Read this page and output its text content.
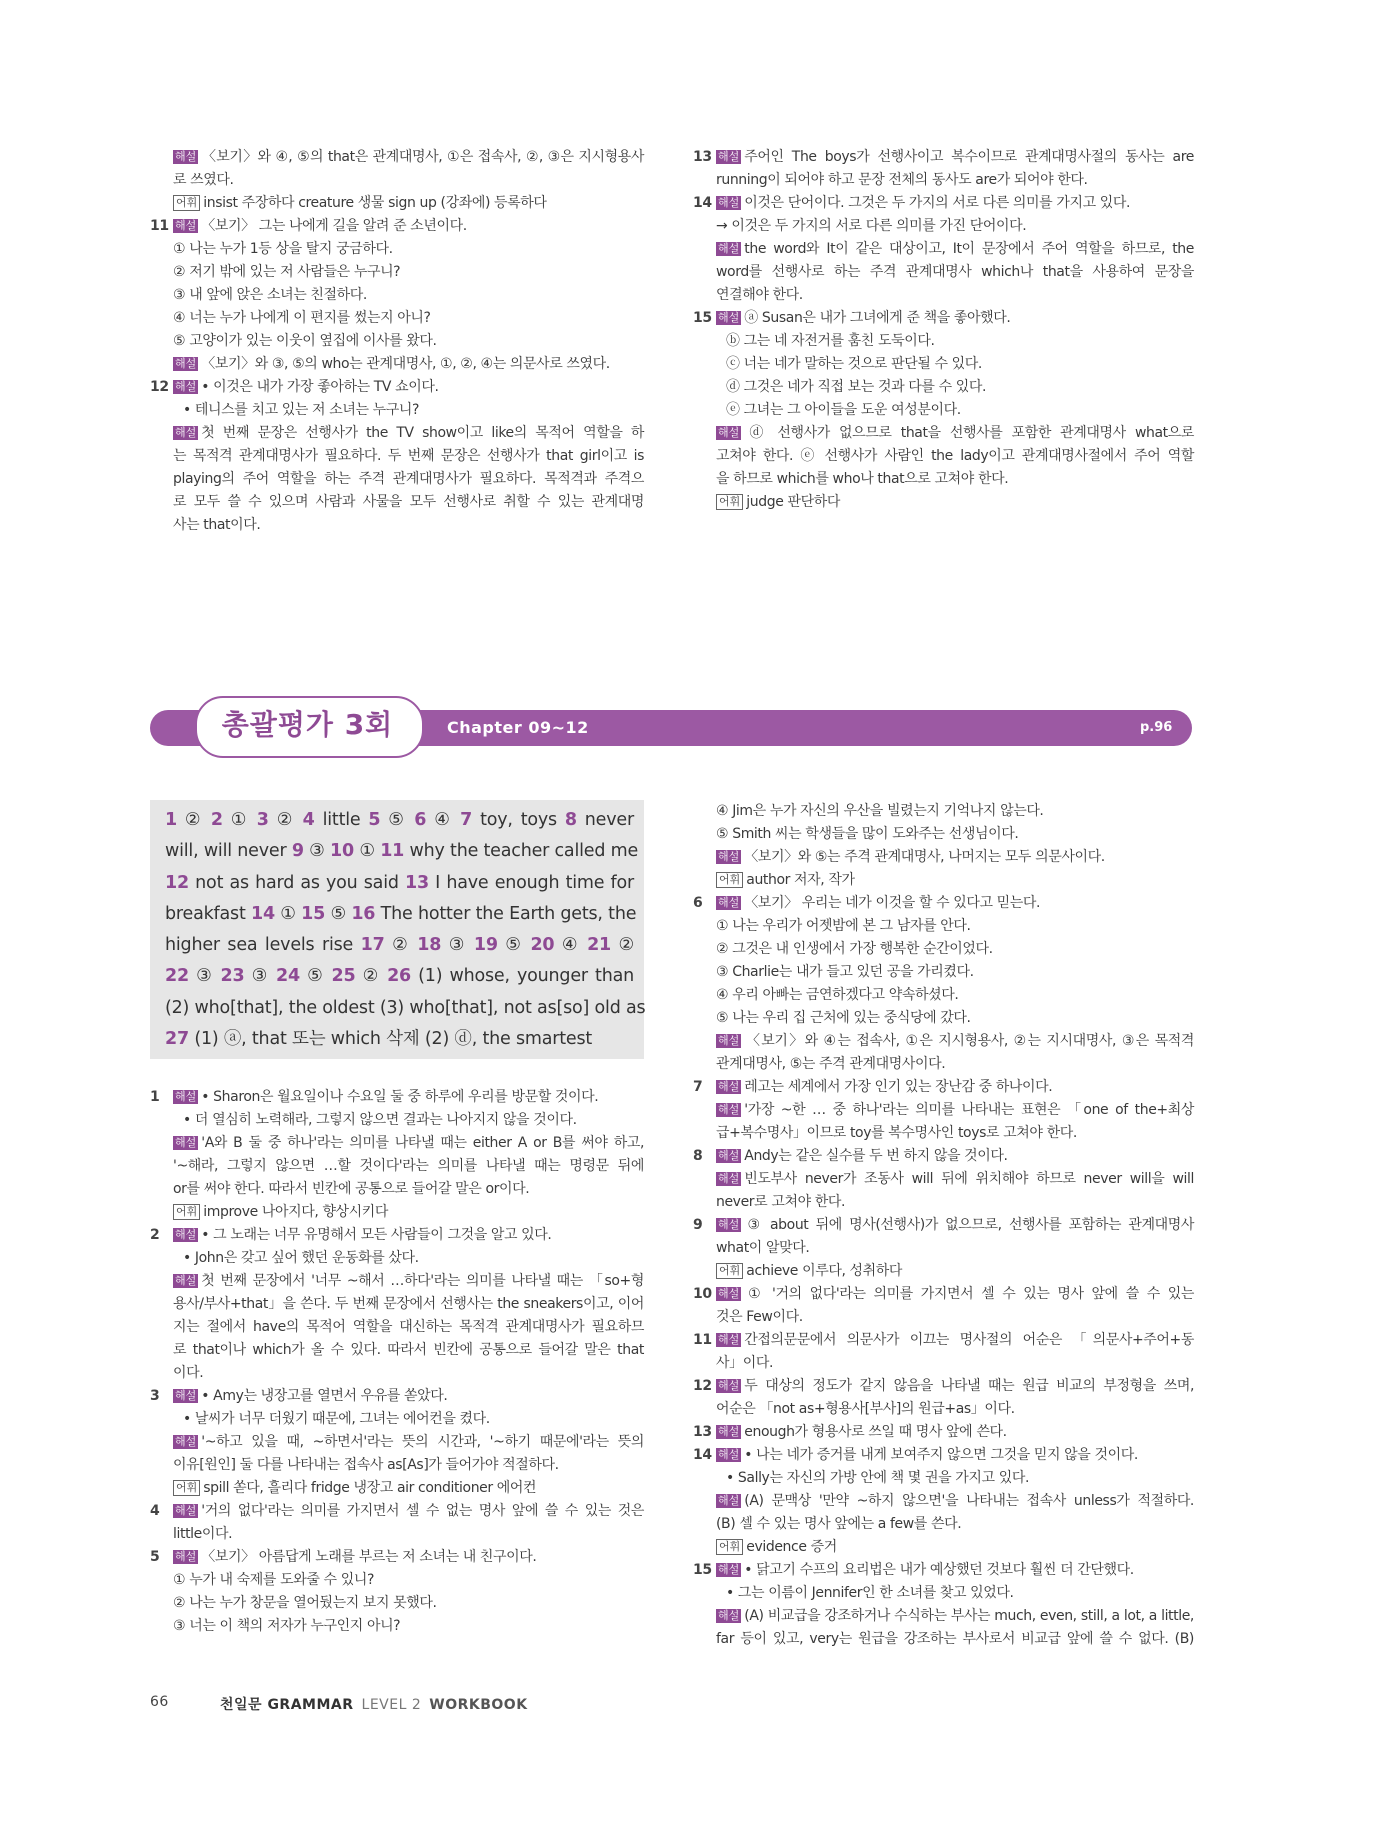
해설 〈보기〉와 ④, ⑤의 that은 관계대명사, ①은 접속사, ②, ③은 지시형용사
로 쓰였다.
어휘 insist 주장하다 creature 생물 sign up (강좌에) 등록하다
11 해설 〈보기〉 그는 나에게 길을 알려 준 소년이다.
① 나는 누가 1등 상을 탈지 궁금하다.
② 저기 밖에 있는 저 사람들은 누구니?
③ 내 앞에 앉은 소녀는 친절하다.
④ 너는 누가 나에게 이 편지를 썼는지 아니?
⑤ 고양이가 있는 이웃이 옆집에 이사를 왔다.
해설 〈보기〉와 ③, ⑤의 who는 관계대명사, ①, ②, ④는 의문사로 쓰였다.
12 해설 • 이것은 내가 가장 좋아하는 TV 쇼이다.
• 테니스를 치고 있는 저 소녀는 누구니?
해설 첫 번째 문장은 선행사가 the TV show이고 like의 목적어 역할을 하
는 목적격 관계대명사가 필요하다. 두 번째 문장은 선행사가 that girl이고 is
playing의 주어 역할을 하는 주격 관계대명사가 필요하다. 목적격과 주격으
로 모두 쓸 수 있으며 사람과 사물을 모두 선행사로 취할 수 있는 관계대명
사는 that이다.
13 해설 주어인 The boys가 선행사이고 복수이므로 관계대명사절의 동사는 are
running이 되어야 하고 문장 전체의 동사도 are가 되어야 한다.
14 해설 이것은 단어이다. 그것은 두 가지의 서로 다른 의미를 가지고 있다.
→ 이것은 두 가지의 서로 다른 의미를 가진 단어이다.
해설 the word와 It이 같은 대상이고, It이 문장에서 주어 역할을 하므로, the
word를 선행사로 하는 주격 관계대명사 which나 that을 사용하여 문장을
연결해야 한다.
15 해설 ⓐ Susan은 내가 그녀에게 준 책을 좋아했다.
ⓑ 그는 네 자전거를 훔친 도둑이다.
ⓒ 너는 네가 말하는 것으로 판단될 수 있다.
ⓓ 그것은 네가 직접 보는 것과 다를 수 있다.
ⓔ 그녀는 그 아이들을 도운 여성분이다.
해설 ⓓ 선행사가 없으므로 that을 선행사를 포함한 관계대명사 what으로
고쳐야 한다. ⓔ 선행사가 사람인 the lady이고 관계대명사절에서 주어 역할
을 하므로 which를 who나 that으로 고쳐야 한다.
어휘 judge 판단하다
총괄평가 3회	Chapter 09~12	p.96
1 ② 2 ① 3 ② 4 little 5 ⑤ 6 ④ 7 toy, toys 8 never
will, will never 9 ③ 10 ① 11 why the teacher called me
12 not as hard as you said 13 I have enough time for
breakfast 14 ① 15 ⑤ 16 The hotter the Earth gets, the
higher sea levels rise 17 ② 18 ③ 19 ⑤ 20 ④ 21 ②
22 ③ 23 ③ 24 ⑤ 25 ② 26 (1) whose, younger than
(2) who[that], the oldest (3) who[that], not as[so] old as
27 (1) ⓐ, that 또는 which 삭제 (2) ⓓ, the smartest
1 해설 • Sharon은 월요일이나 수요일 둘 중 하루에 우리를 방문할 것이다.
• 더 열심히 노력해라, 그렇지 않으면 결과는 나아지지 않을 것이다.
해설 'A와 B 둘 중 하나'라는 의미를 나타낼 때는 either A or B를 써야 하고,
'~해라, 그렇지 않으면 …할 것이다'라는 의미를 나타낼 때는 명령문 뒤에
or를 써야 한다. 따라서 빈칸에 공통으로 들어갈 말은 or이다.
어휘 improve 나아지다, 향상시키다
2 해설 • 그 노래는 너무 유명해서 모든 사람들이 그것을 알고 있다.
• John은 갖고 싶어 했던 운동화를 샀다.
해설 첫 번째 문장에서 '너무 ~해서 …하다'라는 의미를 나타낼 때는 「so+형
용사/부사+that」을 쓴다. 두 번째 문장에서 선행사는 the sneakers이고, 이어
지는 절에서 have의 목적어 역할을 대신하는 목적격 관계대명사가 필요하므
로 that이나 which가 올 수 있다. 따라서 빈칸에 공통으로 들어갈 말은 that
이다.
3 해설 • Amy는 냉장고를 열면서 우유를 쏟았다.
• 날씨가 너무 더웠기 때문에, 그녀는 에어컨을 켰다.
해설 '~하고 있을 때, ~하면서'라는 뜻의 시간과, '~하기 때문에'라는 뜻의
이유[원인] 둘 다를 나타내는 접속사 as[As]가 들어가야 적절하다.
어휘 spill 쏟다, 흘리다 fridge 냉장고 air conditioner 에어컨
4 해설 '거의 없다'라는 의미를 가지면서 셀 수 없는 명사 앞에 쓸 수 있는 것은
little이다.
5 해설 〈보기〉 아름답게 노래를 부르는 저 소녀는 내 친구이다.
① 누가 내 숙제를 도와줄 수 있니?
② 나는 누가 창문을 열어뒀는지 보지 못했다.
③ 너는 이 책의 저자가 누구인지 아니?
④ Jim은 누가 자신의 우산을 빌렸는지 기억나지 않는다.
⑤ Smith 씨는 학생들을 많이 도와주는 선생님이다.
해설 〈보기〉와 ⑤는 주격 관계대명사, 나머지는 모두 의문사이다.
어휘 author 저자, 작가
6 해설 〈보기〉 우리는 네가 이것을 할 수 있다고 믿는다.
① 나는 우리가 어젯밤에 본 그 남자를 안다.
② 그것은 내 인생에서 가장 행복한 순간이었다.
③ Charlie는 내가 들고 있던 공을 가리켰다.
④ 우리 아빠는 금연하겠다고 약속하셨다.
⑤ 나는 우리 집 근처에 있는 중식당에 갔다.
해설 〈보기〉와 ④는 접속사, ①은 지시형용사, ②는 지시대명사, ③은 목적격
관계대명사, ⑤는 주격 관계대명사이다.
7 해설 레고는 세계에서 가장 인기 있는 장난감 중 하나이다.
해설 '가장 ~한 … 중 하나'라는 의미를 나타내는 표현은 「one of the+최상
급+복수명사」이므로 toy를 복수명사인 toys로 고쳐야 한다.
8 해설 Andy는 같은 실수를 두 번 하지 않을 것이다.
해설 빈도부사 never가 조동사 will 뒤에 위치해야 하므로 never will을 will
never로 고쳐야 한다.
9 해설 ③ about 뒤에 명사(선행사)가 없으므로, 선행사를 포함하는 관계대명사
what이 알맞다.
어휘 achieve 이루다, 성취하다
10 해설 ① '거의 없다'라는 의미를 가지면서 셀 수 있는 명사 앞에 쓸 수 있는
것은 Few이다.
11 해설 간접의문문에서 의문사가 이끄는 명사절의 어순은 「의문사+주어+동
사」이다.
12 해설 두 대상의 정도가 같지 않음을 나타낼 때는 원급 비교의 부정형을 쓰며,
어순은 「not as+형용사[부사]의 원급+as」이다.
13 해설 enough가 형용사로 쓰일 때 명사 앞에 쓴다.
14 해설 • 나는 네가 증거를 내게 보여주지 않으면 그것을 믿지 않을 것이다.
• Sally는 자신의 가방 안에 책 몇 권을 가지고 있다.
해설 (A) 문맥상 '만약 ~하지 않으면'을 나타내는 접속사 unless가 적절하다.
(B) 셀 수 있는 명사 앞에는 a few를 쓴다.
어휘 evidence 증거
15 해설 • 닭고기 수프의 요리법은 내가 예상했던 것보다 훨씬 더 간단했다.
• 그는 이름이 Jennifer인 한 소녀를 찾고 있었다.
해설 (A) 비교급을 강조하거나 수식하는 부사는 much, even, still, a lot, a little,
far 등이 있고, very는 원급을 강조하는 부사로서 비교급 앞에 쓸 수 없다. (B)
66	천일문 GRAMMAR LEVEL 2 WORKBOOK
